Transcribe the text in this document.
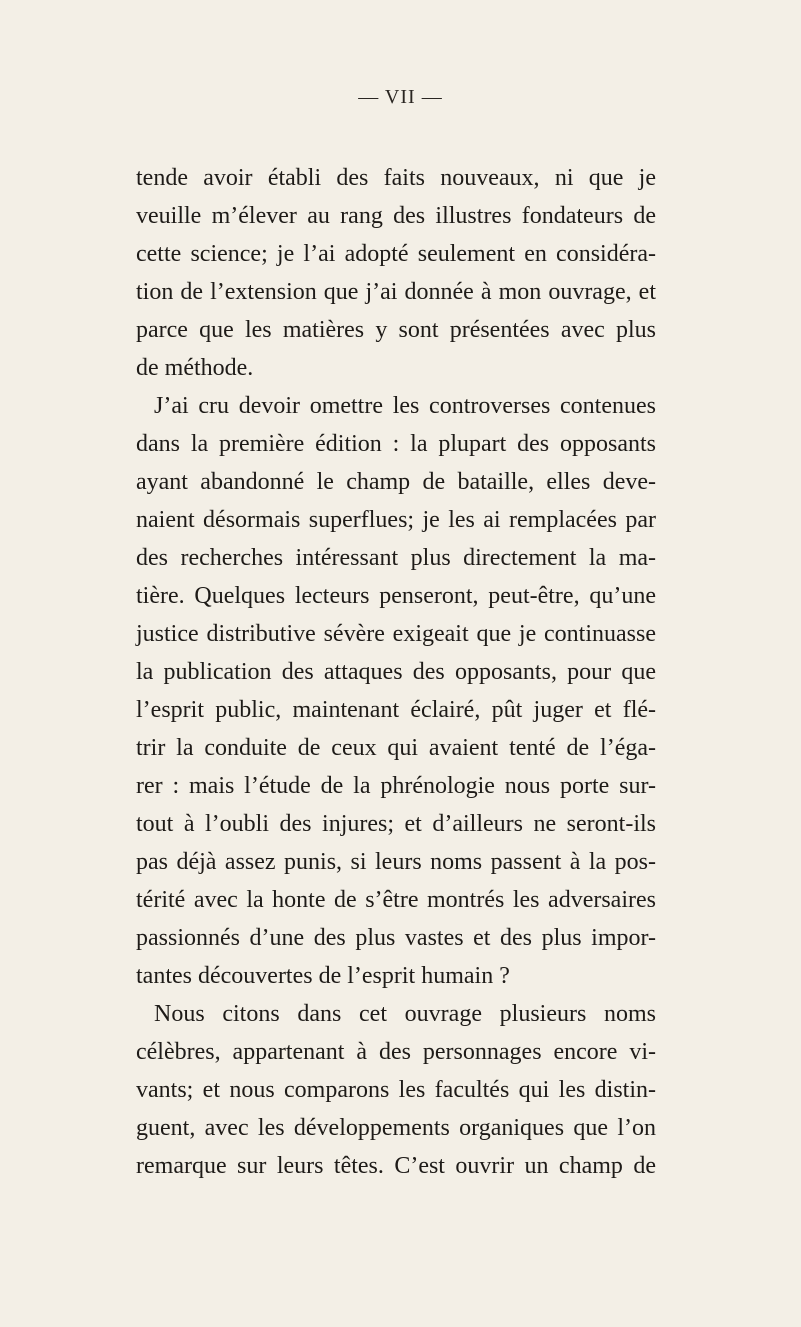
— VII —
tende avoir établi des faits nouveaux, ni que je
veuille m’élever au rang des illustres fondateurs de
cette science; je l’ai adopté seulement en considéra-
tion de l’extension que j’ai donnée à mon ouvrage, et
parce que les matières y sont présentées avec plus
de méthode.
J’ai cru devoir omettre les controverses contenues
dans la première édition : la plupart des opposants
ayant abandonné le champ de bataille, elles deve-
naient désormais superflues; je les ai remplacées par
des recherches intéressant plus directement la ma-
tière. Quelques lecteurs penseront, peut-être, qu’une
justice distributive sévère exigeait que je continuasse
la publication des attaques des opposants, pour que
l’esprit public, maintenant éclairé, pût juger et flé-
trir la conduite de ceux qui avaient tenté de l’éga-
rer : mais l’étude de la phrénologie nous porte sur-
tout à l’oubli des injures; et d’ailleurs ne seront-ils
pas déjà assez punis, si leurs noms passent à la pos-
térité avec la honte de s’être montrés les adversaires
passionnés d’une des plus vastes et des plus impor-
tantes découvertes de l’esprit humain ?
Nous citons dans cet ouvrage plusieurs noms
célèbres, appartenant à des personnages encore vi-
vants; et nous comparons les facultés qui les distin-
guent, avec les développements organiques que l’on
remarque sur leurs têtes. C’est ouvrir un champ de
